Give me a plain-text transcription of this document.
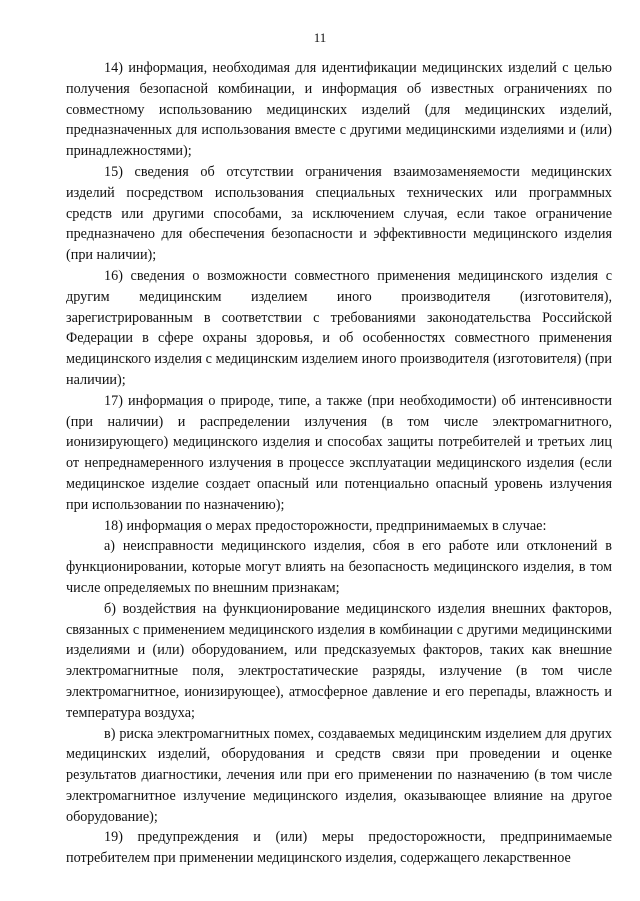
11

14) информация, необходимая для идентификации медицинских изделий с целью получения безопасной комбинации, и информация об известных ограничениях по совместному использованию медицинских изделий (для медицинских изделий, предназначенных для использования вместе с другими медицинскими изделиями и (или) принадлежностями);

15) сведения об отсутствии ограничения взаимозаменяемости медицинских изделий посредством использования специальных технических или программных средств или другими способами, за исключением случая, если такое ограничение предназначено для обеспечения безопасности и эффективности медицинского изделия (при наличии);

16) сведения о возможности совместного применения медицинского изделия с другим медицинским изделием иного производителя (изготовителя), зарегистрированным в соответствии с требованиями законодательства Российской Федерации в сфере охраны здоровья, и об особенностях совместного применения медицинского изделия с медицинским изделием иного производителя (изготовителя) (при наличии);

17) информация о природе, типе, а также (при необходимости) об интенсивности (при наличии) и распределении излучения (в том числе электромагнитного, ионизирующего) медицинского изделия и способах защиты потребителей и третьих лиц от непреднамеренного излучения в процессе эксплуатации медицинского изделия (если медицинское изделие создает опасный или потенциально опасный уровень излучения при использовании по назначению);

18) информация о мерах предосторожности, предпринимаемых в случае:

а) неисправности медицинского изделия, сбоя в его работе или отклонений в функционировании, которые могут влиять на безопасность медицинского изделия, в том числе определяемых по внешним признакам;

б) воздействия на функционирование медицинского изделия внешних факторов, связанных с применением медицинского изделия в комбинации с другими медицинскими изделиями и (или) оборудованием, или предсказуемых факторов, таких как внешние электромагнитные поля, электростатические разряды, излучение (в том числе электромагнитное, ионизирующее), атмосферное давление и его перепады, влажность и температура воздуха;

в) риска электромагнитных помех, создаваемых медицинским изделием для других медицинских изделий, оборудования и средств связи при проведении и оценке результатов диагностики, лечения или при его применении по назначению (в том числе электромагнитное излучение медицинского изделия, оказывающее влияние на другое оборудование);

19) предупреждения и (или) меры предосторожности, предпринимаемые потребителем при применении медицинского изделия, содержащего лекарственное
